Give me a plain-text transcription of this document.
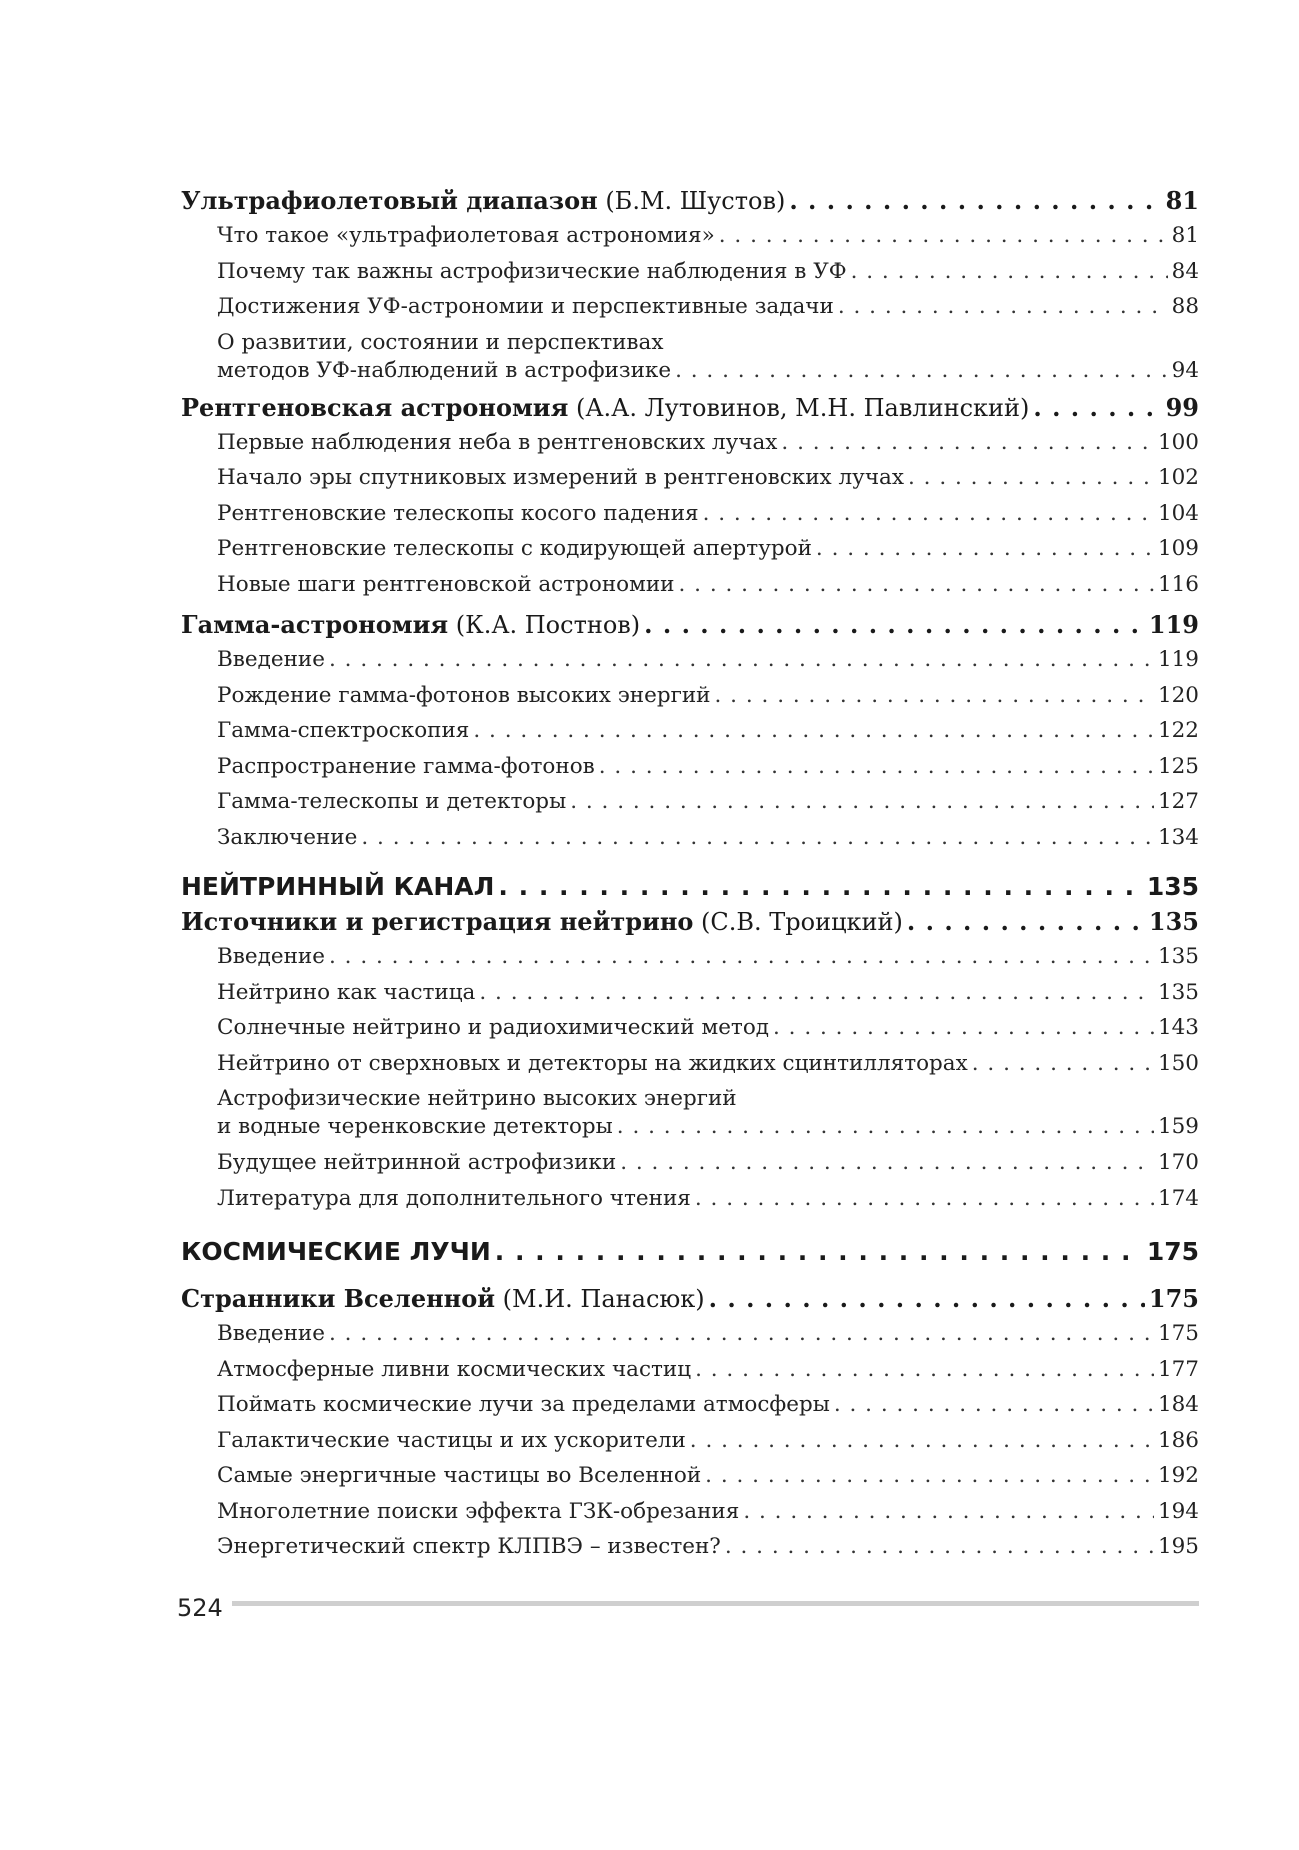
Ультрафиолетовый диапазон (Б.М. Шустов) . . .	81
Что такое «ультрафиолетовая астрономия» . . .	81
Почему так важны астрофизические наблюдения в УФ . . .	84
Достижения УФ-астрономии и перспективные задачи . . .	88
О развитии, состоянии и перспективах
методов УФ-наблюдений в астрофизике . . .	94
Рентгеновская астрономия (А.А. Лутовинов, М.Н. Павлинский) . . .	99
Первые наблюдения неба в рентгеновских лучах . . .	100
Начало эры спутниковых измерений в рентгеновских лучах . . .	102
Рентгеновские телескопы косого падения . . .	104
Рентгеновские телескопы с кодирующей апертурой . . .	109
Новые шаги рентгеновской астрономии . . .	116
Гамма-астрономия (К.А. Постнов) . . .	119
Введение . . .	119
Рождение гамма-фотонов высоких энергий . . .	120
Гамма-спектроскопия . . .	122
Распространение гамма-фотонов . . .	125
Гамма-телескопы и детекторы . . .	127
Заключение . . .	134
НЕЙТРИННЫЙ КАНАЛ . . .	135
Источники и регистрация нейтрино (С.В. Троицкий) . . .	135
Введение . . .	135
Нейтрино как частица . . .	135
Солнечные нейтрино и радиохимический метод . . .	143
Нейтрино от сверхновых и детекторы на жидких сцинтилляторах . . .	150
Астрофизические нейтрино высоких энергий
и водные черенковские детекторы . . .	159
Будущее нейтринной астрофизики . . .	170
Литература для дополнительного чтения . . .	174
КОСМИЧЕСКИЕ ЛУЧИ . . .	175
Странники Вселенной (М.И. Панасюк) . . .	175
Введение . . .	175
Атмосферные ливни космических частиц . . .	177
Поймать космические лучи за пределами атмосферы . . .	184
Галактические частицы и их ускорители . . .	186
Самые энергичные частицы во Вселенной . . .	192
Многолетние поиски эффекта ГЗК-обрезания . . .	194
Энергетический спектр КЛПВЭ – известен? . . .	195
524
